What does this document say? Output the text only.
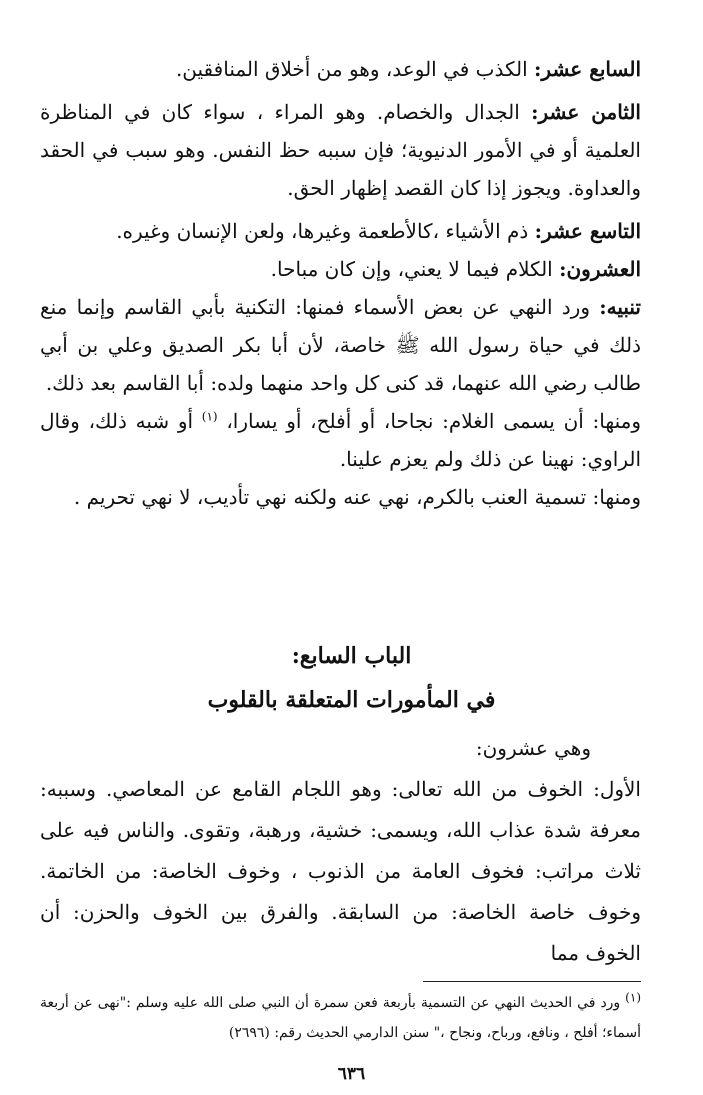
السابع عشر: الكذب في الوعد، وهو من أخلاق المنافقين.

الثامن عشر: الجدال والخصام. وهو المراء ، سواء كان في المناظرة العلمية أو في الأمور الدنيوية؛ فإن سببه حظ النفس. وهو سبب في الحقد والعداوة. ويجوز إذا كان القصد إظهار الحق.

التاسع عشر: ذم الأشياء ،كالأطعمة وغيرها، ولعن الإنسان وغيره.

العشرون: الكلام فيما لا يعني، وإن كان مباحا.

تنبيه: ورد النهي عن بعض الأسماء فمنها: التكنية بأبي القاسم وإنما منع ذلك في حياة رسول الله ﷺ خاصة، لأن أبا بكر الصديق وعلي بن أبي طالب رضي الله عنهما، قد كنى كل واحد منهما ولده: أبا القاسم بعد ذلك.

ومنها: أن يسمى الغلام: نجاحا، أو أفلح، أو يسارا، $^{(١)}$ أو شبه ذلك، وقال الراوي: نهينا عن ذلك ولم يعزم علينا.

ومنها: تسمية العنب بالكرم، نهي عنه ولكنه نهي تأديب، لا نهي تحريم .

الباب السابع:
في المأمورات المتعلقة بالقلوب

وهي عشرون:

الأول: الخوف من الله تعالى: وهو اللجام القامع عن المعاصي. وسببه: معرفة شدة عذاب الله، ويسمى: خشية، ورهبة، وتقوى. والناس فيه على ثلاث مراتب: فخوف العامة من الذنوب ، وخوف الخاصة: من الخاتمة. وخوف خاصة الخاصة: من السابقة. والفرق بين الخوف والحزن: أن الخوف مما

(١) ورد في الحديث النهي عن التسمية بأربعة فعن سمرة أن النبي صلى الله عليه وسلم :"نهى عن أربعة أسماء؛ أفلح ، ونافع، ورباح، ونجاح ،" سنن الدارمي الحديث رقم: (٢٦٩٦)

٦٣٦
